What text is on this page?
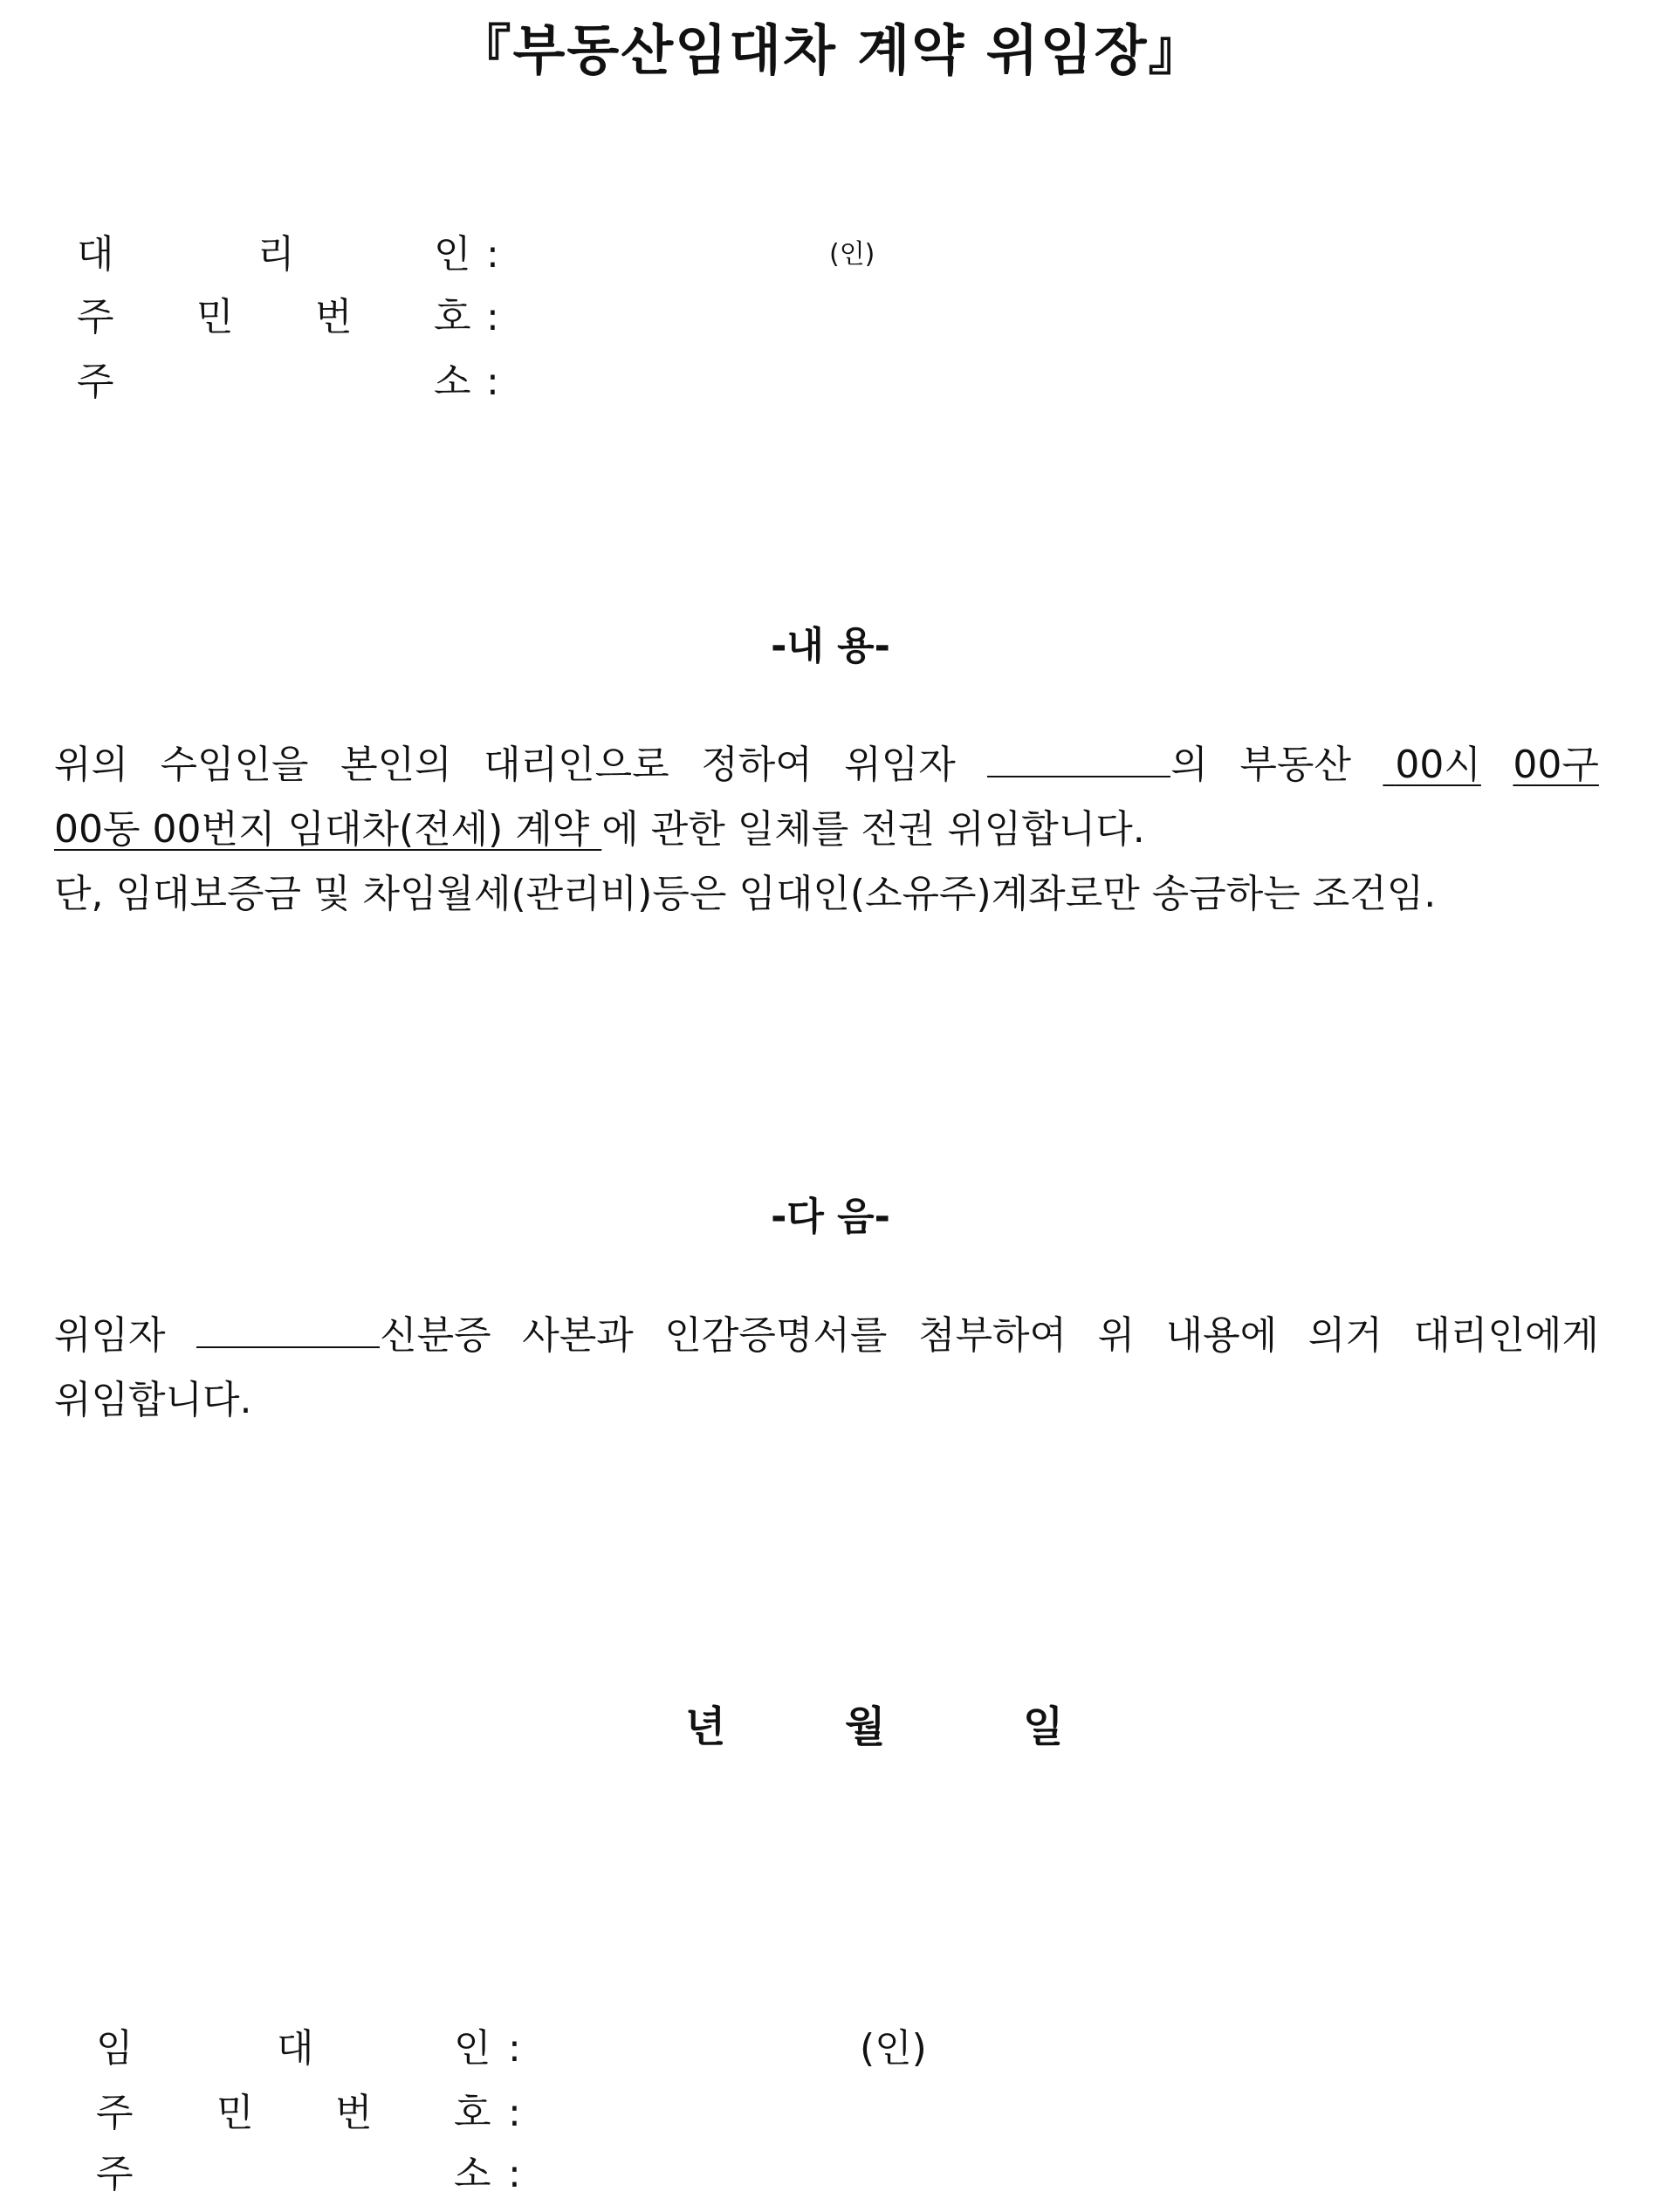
『부동산임대차 계약 위임장』
대	리	인 :	(인)
주 민 번 호 :
주	소 :
-내 용-
위의 수임인을 본인의 대리인으로 정하여 위임자	의 부동산	00시 00구
00동 00번지 임대차(전세) 계약 에 관한 일체를 전권 위임합니다.
단, 임대보증금 및 차임월세(관리비)등은 임대인(소유주)계좌로만 송금하는 조건임.
-다 음-
위임자	신분증 사본과 인감증명서를 첨부하여 위 내용에 의거 대리인에게
위임합니다.
년	월	일
임	대	인 :	(인)
주 민 번 호 :
주	소 :
